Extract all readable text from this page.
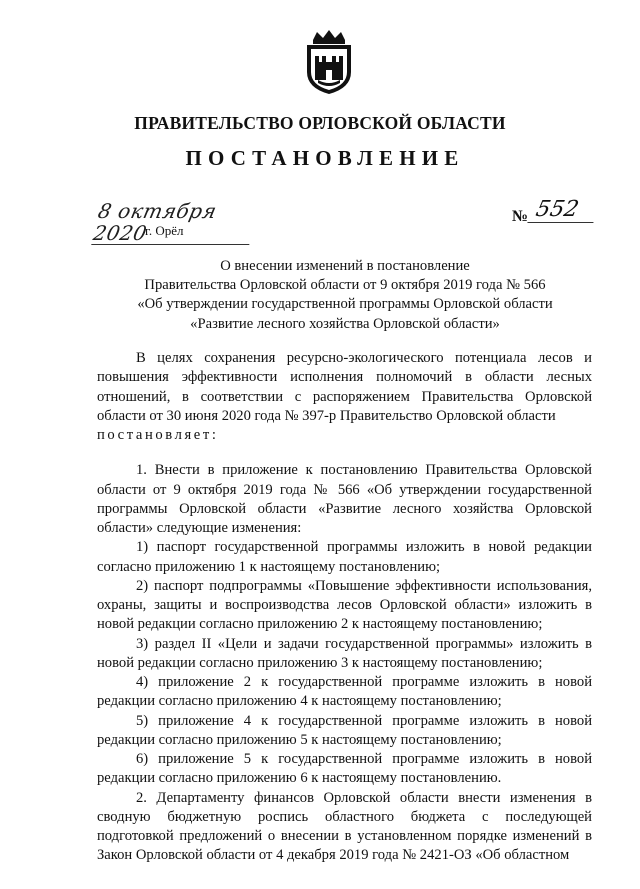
ПРАВИТЕЛЬСТВО ОРЛОВСКОЙ ОБЛАСТИ
ПОСТАНОВЛЕНИЕ
8 октября 2020
г. Орёл
№ 552
О внесении изменений в постановление
Правительства Орловской области от 9 октября 2019 года № 566
«Об утверждении государственной программы Орловской области
«Развитие лесного хозяйства Орловской области»

В целях сохранения ресурсно-экологического потенциала лесов и повышения эффективности исполнения полномочий в области лесных отношений, в соответствии с распоряжением Правительства Орловской области от 30 июня 2020 года № 397-р Правительство Орловской области

постановляет:

1. Внести в приложение к постановлению Правительства Орловской области от 9 октября 2019 года № 566 «Об утверждении государственной программы Орловской области «Развитие лесного хозяйства Орловской области» следующие изменения:

1) паспорт государственной программы изложить в новой редакции согласно приложению 1 к настоящему постановлению;

2) паспорт подпрограммы «Повышение эффективности использования, охраны, защиты и воспроизводства лесов Орловской области» изложить в новой редакции согласно приложению 2 к настоящему постановлению;

3) раздел II «Цели и задачи государственной программы» изложить в новой редакции согласно приложению 3 к настоящему постановлению;

4) приложение 2 к государственной программе изложить в новой редакции согласно приложению 4 к настоящему постановлению;

5) приложение 4 к государственной программе изложить в новой редакции согласно приложению 5 к настоящему постановлению;

6) приложение 5 к государственной программе изложить в новой редакции согласно приложению 6 к настоящему постановлению.

2. Департаменту финансов Орловской области внести изменения в сводную бюджетную роспись областного бюджета с последующей подготовкой предложений о внесении в установленном порядке изменений в Закон Орловской области от 4 декабря 2019 года № 2421-ОЗ «Об областном
